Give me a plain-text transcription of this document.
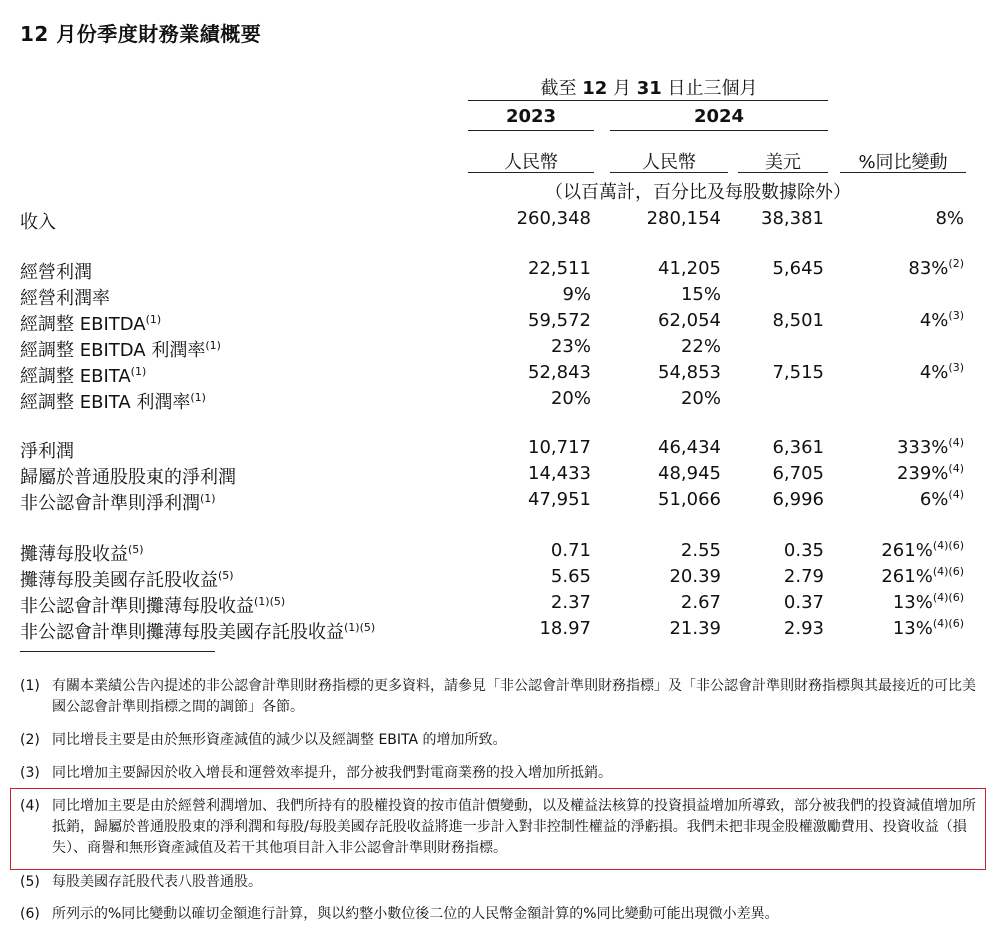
12 月份季度財務業績概要
截至 12 月 31 日止三個月
2023	2024
人民幣	人民幣	美元	%同比變動
（以百萬計，百分比及每股數據除外）
收入	260,348	280,154 38,381	8%
經營利潤	22,511	41,205	5,645	83%$^{(2)}$
經營利潤率	9%	15%
經調整 EBITDA$^{(1)}$	59,572	62,054	8,501	4%$^{(3)}$
經調整 EBITDA 利潤率$^{(1)}$	23%	22%
經調整 EBITA$^{(1)}$	52,843	54,853	7,515	4%$^{(3)}$
經調整 EBITA 利潤率$^{(1)}$	20%	20%
淨利潤	10,717	46,434	6,361	333%$^{(4)}$
歸屬於普通股股東的淨利潤	14,433	48,945	6,705	239%$^{(4)}$
非公認會計準則淨利潤$^{(1)}$	47,951	51,066	6,996	6%$^{(4)}$
攤薄每股收益$^{(5)}$	0.71	2.55	0.35	261%$^{(4)(6)}$
攤薄每股美國存託股收益$^{(5)}$	5.65	20.39	2.79	261%$^{(4)(6)}$
非公認會計準則攤薄每股收益$^{(1)(5)}$	2.37	2.67	0.37	13%$^{(4)(6)}$
非公認會計準則攤薄每股美國存託股收益$^{(1)(5)}$	18.97	21.39	2.93	13%$^{(4)(6)}$
(1) 有關本業績公告內提述的非公認會計準則財務指標的更多資料，請參見「非公認會計準則財務指標」及「非公認會計準則財務指標與其最接近的可比美國公認會計準則指標之間的調節」各節。
(2) 同比增長主要是由於無形資產減值的減少以及經調整 EBITA 的增加所致。
(3) 同比增加主要歸因於收入增長和運營效率提升，部分被我們對電商業務的投入增加所抵銷。
(4) 同比增加主要是由於經營利潤增加、我們所持有的股權投資的按市值計價變動，以及權益法核算的投資損益增加所導致，部分被我們的投資減值增加所抵銷，歸屬於普通股股東的淨利潤和每股/每股美國存託股收益將進一步計入對非控制性權益的淨虧損。我們未把非現金股權激勵費用、投資收益（損失）、商譽和無形資產減值及若干其他項目計入非公認會計準則財務指標。
(5) 每股美國存託股代表八股普通股。
(6) 所列示的%同比變動以確切金額進行計算，與以約整小數位後二位的人民幣金額計算的%同比變動可能出現微小差異。
